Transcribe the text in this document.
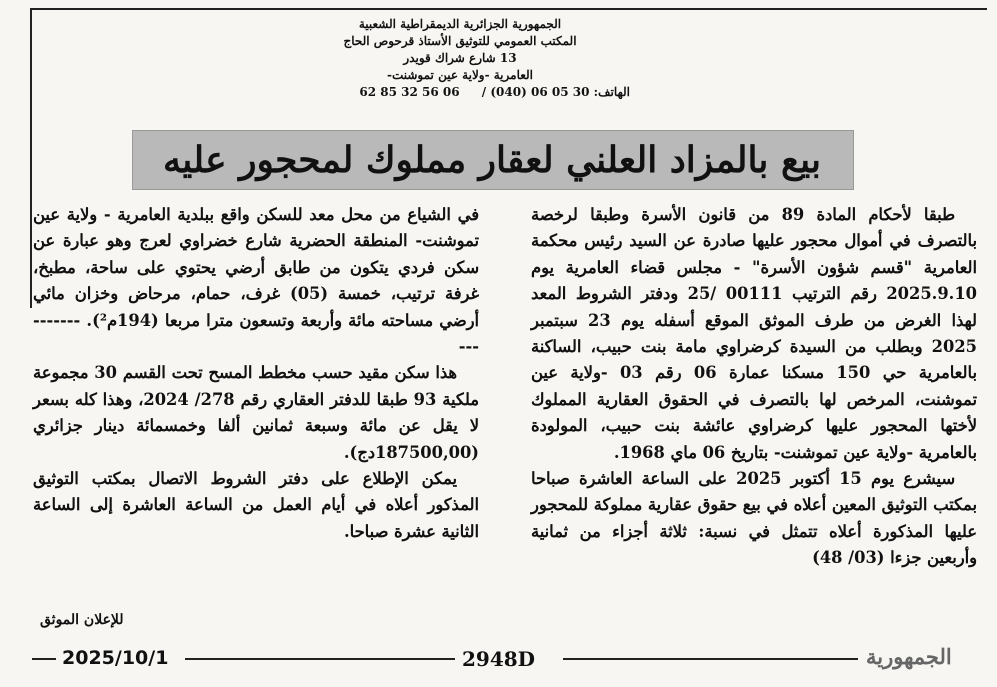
الجمهورية الجزائرية الديمقراطية الشعبية
المكتب العمومي للتوثيق الأستاذ قرحوص الحاج
13 شارع شراك قويدر
العامرية -ولاية عين تموشنت-
الهاتف: 30 05 06 (040) / 06 56 32 85 62
بيع بالمزاد العلني لعقار مملوك لمحجور عليه

طبقا لأحكام المادة 89 من قانون الأسرة وطبقا لرخصة بالتصرف في أموال محجور عليها صادرة عن السيد رئيس محكمة العامرية "قسم شؤون الأسرة" - مجلس قضاء العامرية يوم 2025.9.10 رقم الترتيب 00111 /25 ودفتر الشروط المعد لهذا الغرض من طرف الموثق الموقع أسفله يوم 23 سبتمبر 2025 وبطلب من السيدة كرضراوي مامة بنت حبيب، الساكنة بالعامرية حي 150 مسكنا عمارة 06 رقم 03 -ولاية عين تموشنت، المرخص لها بالتصرف في الحقوق العقارية المملوك لأختها المحجور عليها كرضراوي عائشة بنت حبيب، المولودة بالعامرية -ولاية عين تموشنت- بتاريخ 06 ماي 1968.

سيشرع يوم 15 أكتوبر 2025 على الساعة العاشرة صباحا بمكتب التوثيق المعين أعلاه في بيع حقوق عقارية مملوكة للمحجور عليها المذكورة أعلاه تتمثل في نسبة: ثلاثة أجزاء من ثمانية وأربعين جزءا (03/ 48)

في الشياع من محل معد للسكن واقع ببلدية العامرية - ولاية عين تموشنت- المنطقة الحضرية شارع خضراوي لعرج وهو عبارة عن سكن فردي يتكون من طابق أرضي يحتوي على ساحة، مطبخ، غرفة ترتيب، خمسة (05) غرف، حمام، مرحاض وخزان مائي أرضي مساحته مائة وأربعة وتسعون مترا مربعا (194م²). ----------

هذا سكن مقيد حسب مخطط المسح تحت القسم 30 مجموعة ملكية 93 طبقا للدفتر العقاري رقم 278/ 2024، وهذا كله بسعر لا يقل عن مائة وسبعة ثمانين ألفا وخمسمائة دينار جزائري (187500,00دج).

يمكن الإطلاع على دفتر الشروط الاتصال بمكتب التوثيق المذكور أعلاه في أيام العمل من الساعة العاشرة إلى الساعة الثانية عشرة صباحا.

للإعلان الموثق
2025/10/1	2948D	الجمهورية
